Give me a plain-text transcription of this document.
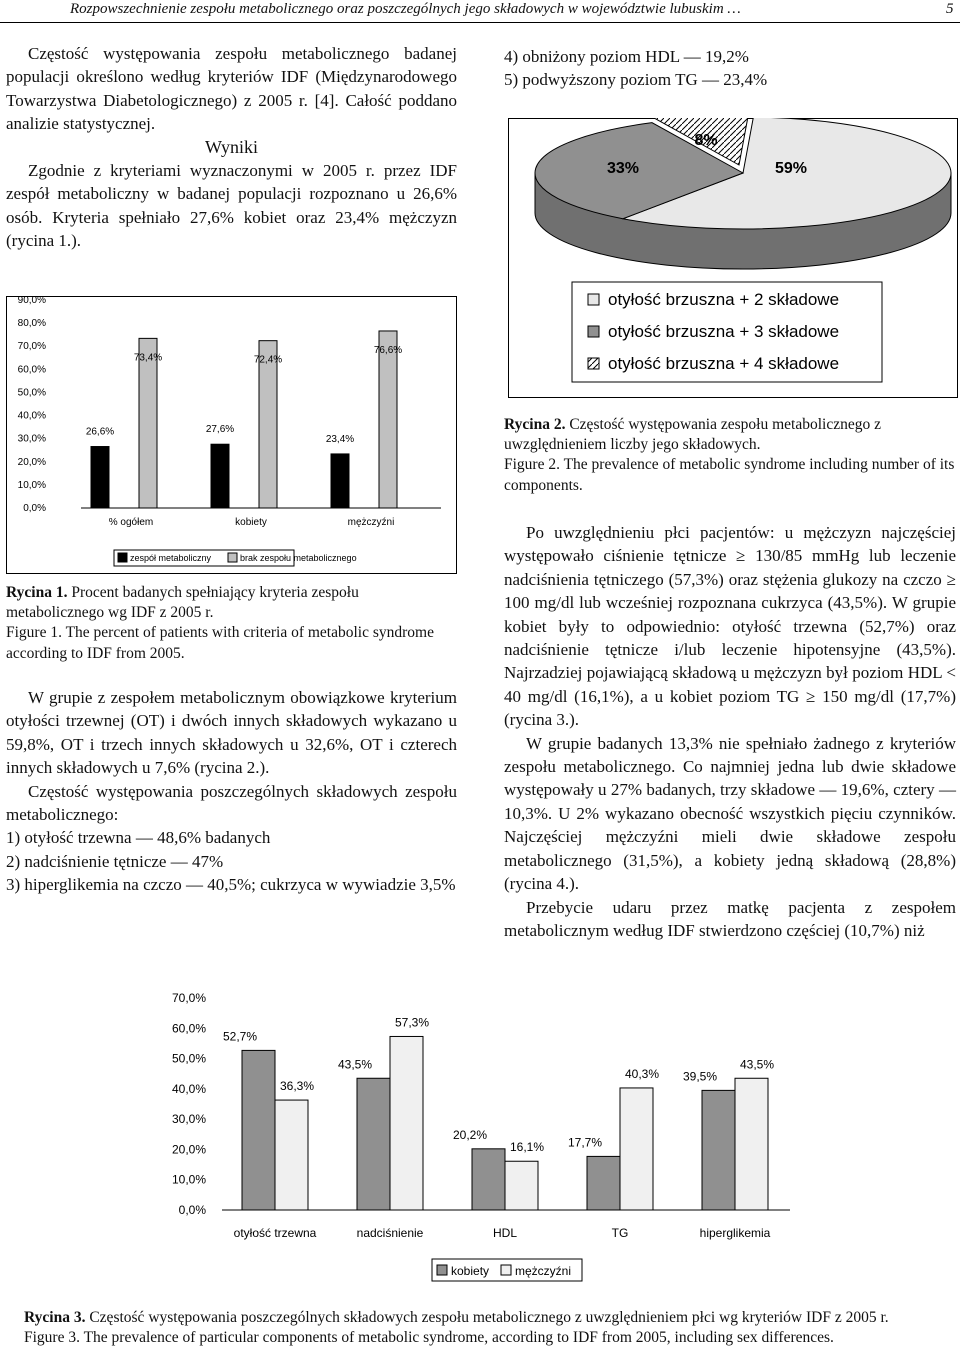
Rozpowszechnienie zespołu metabolicznego oraz poszczególnych jego składowych w województwie lubuskim …	5

Częstość występowania zespołu metabolicznego badanej populacji określono według kryteriów IDF (Międzynarodowego Towarzystwa Diabetologicznego) z 2005 r. [4]. Całość poddano analizie statystycznej.

Wyniki

Zgodnie z kryteriami wyznaczonymi w 2005 r. przez IDF zespół metaboliczny w badanej populacji rozpoznano u 26,6% osób. Kryteria spełniało 27,6% kobiet oraz 23,4% mężczyzn (rycina 1.).

0,0%
10,0%
20,0%
30,0%
40,0%
50,0%
60,0%
70,0%
80,0%
90,0%
26,6%
73,4%
% ogółem
27,6%
72,4%
kobiety
23,4%
76,6%
mężczyźni
zespół metaboliczny	brak zespołu metabolicznego
Rycina 1. Procent badanych spełniający kryteria zespołu metabolicznego wg IDF z 2005 r.
Figure 1. The percent of patients with criteria of metabolic syndrome according to IDF from 2005.

W grupie z zespołem metabolicznym obowiązkowe kryterium otyłości trzewnej (OT) i dwóch innych składowych wykazano u 59,8%, OT i trzech innych składowych u 32,6%, OT i czterech innych składowych u 7,6% (rycina 2.).

Częstość występowania poszczególnych składowych zespołu metabolicznego:

1) otyłość trzewna — 48,6% badanych

2) nadciśnienie tętnicze — 47%

3) hiperglikemia na czczo — 40,5%; cukrzyca w wywiadzie 3,5%

4) obniżony poziom HDL — 19,2%

5) podwyższony poziom TG — 23,4%

59%
33%
8%
otyłość brzuszna + 2 składowe
otyłość brzuszna + 3 składowe
otyłość brzuszna + 4 składowe
Rycina 2. Częstość występowania zespołu metabolicznego z uwzględnieniem liczby jego składowych.
Figure 2. The prevalence of metabolic syndrome including number of its components.

Po uwzględnieniu płci pacjentów: u mężczyzn najczęściej występowało ciśnienie tętnicze ≥ 130/85 mmHg lub leczenie nadciśnienia tętniczego (57,3%) oraz stężenia glukozy na czczo ≥ 100 mg/dl lub wcześniej rozpoznana cukrzyca (43,5%). W grupie kobiet były to odpowiednio: otyłość trzewna (52,7%) oraz nadciśnienie tętnicze i/lub leczenie hipotensyjne (43,5%). Najrzadziej pojawiającą składową u mężczyzn był poziom HDL < 40 mg/dl (16,1%), a u kobiet poziom TG ≥ 150 mg/dl (17,7%) (rycina 3.).

W grupie badanych 13,3% nie spełniało żadnego z kryteriów zespołu metabolicznego. Co najmniej jedna lub dwie składowe występowały u 27% badanych, trzy składowe — 19,6%, cztery — 10,3%. U 2% wykazano obecność wszystkich pięciu czynników. Najczęściej mężczyźni mieli dwie składowe zespołu metabolicznego (31,5%), a kobiety jedną składową (28,8%) (rycina 4.).

Przebycie udaru przez matkę pacjenta z zespołem metabolicznym według IDF stwierdzono częściej (10,7%) niż

0,0%
10,0%
20,0%
30,0%
40,0%
50,0%
60,0%
70,0%
52,7%
36,3%
otyłość trzewna
43,5%
57,3%
nadciśnienie
20,2%
16,1%
HDL
17,7%
40,3%
TG
39,5%
43,5%
hiperglikemia
kobiety mężczyźni
Rycina 3. Częstość występowania poszczególnych składowych zespołu metabolicznego z uwzględnieniem płci wg kryteriów IDF z 2005 r.
Figure 3. The prevalence of particular components of metabolic syndrome, according to IDF from 2005, including sex differences.
